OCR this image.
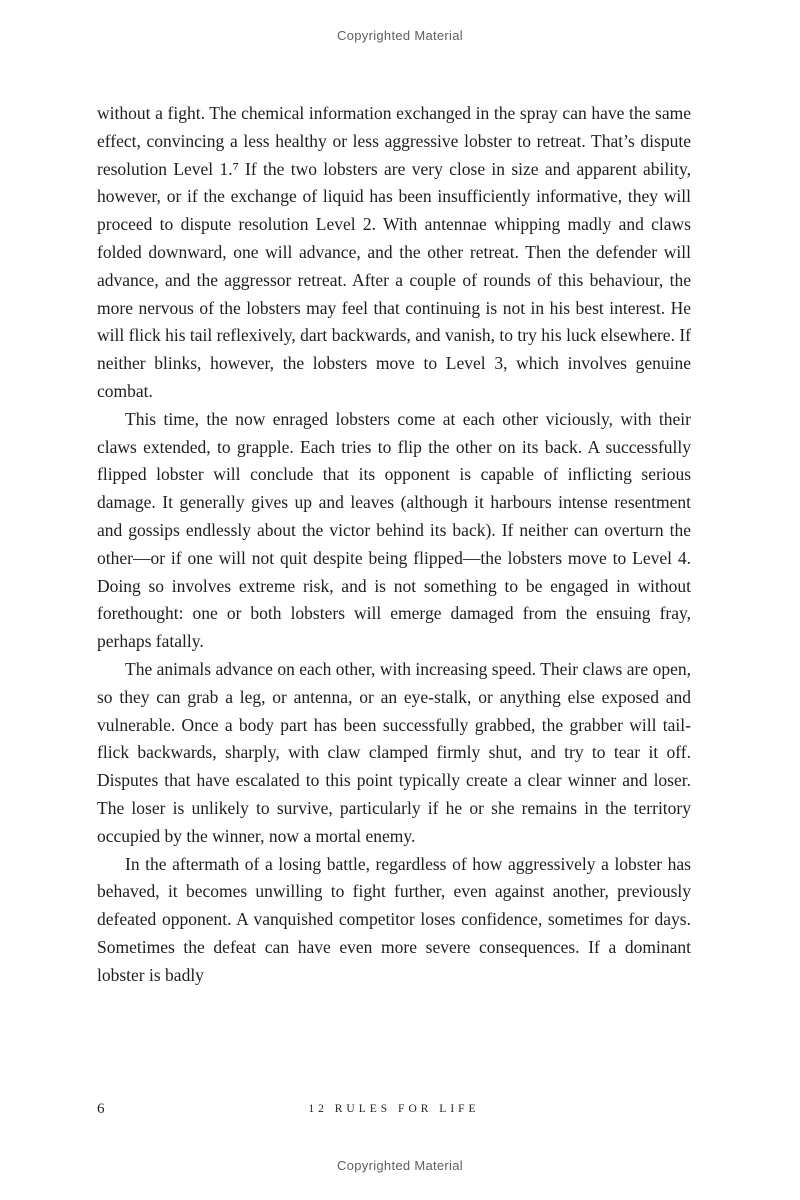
Copyrighted Material

without a fight. The chemical information exchanged in the spray can have the same effect, convincing a less healthy or less aggressive lobster to retreat. That’s dispute resolution Level 1.⁷ If the two lobsters are very close in size and apparent ability, however, or if the exchange of liquid has been insufficiently informative, they will proceed to dispute resolution Level 2. With antennae whipping madly and claws folded downward, one will advance, and the other retreat. Then the defender will advance, and the aggressor retreat. After a couple of rounds of this behaviour, the more nervous of the lobsters may feel that continuing is not in his best interest. He will flick his tail reflexively, dart backwards, and vanish, to try his luck elsewhere. If neither blinks, however, the lobsters move to Level 3, which involves genuine combat.

This time, the now enraged lobsters come at each other viciously, with their claws extended, to grapple. Each tries to flip the other on its back. A successfully flipped lobster will conclude that its opponent is capable of inflicting serious damage. It generally gives up and leaves (although it harbours intense resentment and gossips endlessly about the victor behind its back). If neither can overturn the other—or if one will not quit despite being flipped—the lobsters move to Level 4. Doing so involves extreme risk, and is not something to be engaged in without forethought: one or both lobsters will emerge damaged from the ensuing fray, perhaps fatally.

The animals advance on each other, with increasing speed. Their claws are open, so they can grab a leg, or antenna, or an eye-stalk, or anything else exposed and vulnerable. Once a body part has been successfully grabbed, the grabber will tail-flick backwards, sharply, with claw clamped firmly shut, and try to tear it off. Disputes that have escalated to this point typically create a clear winner and loser. The loser is unlikely to survive, particularly if he or she remains in the territory occupied by the winner, now a mortal enemy.

In the aftermath of a losing battle, regardless of how aggressively a lobster has behaved, it becomes unwilling to fight further, even against another, previously defeated opponent. A vanquished competitor loses confidence, sometimes for days. Sometimes the defeat can have even more severe consequences. If a dominant lobster is badly

6	12 RULES FOR LIFE
Copyrighted Material
